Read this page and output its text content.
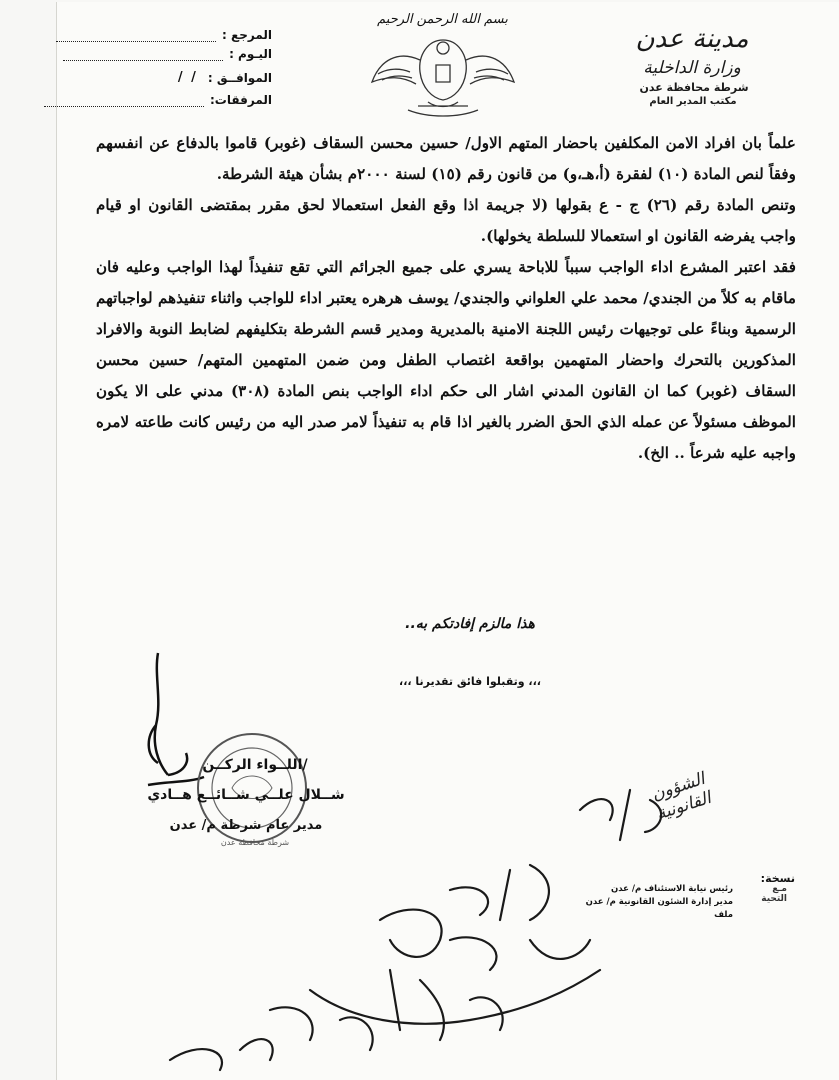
مدينة عدن
وزارة الداخلية
شرطة محافظة عدن
مكتب المدير العام
المرجع :
اليـوم :
الموافــق :
/ /
المرفقات:
بسم الله الرحمن الرحيم

علماً بان افراد الامن المكلفين باحضار المتهم الاول/ حسين محسن السقاف (غوبر) قاموا بالدفاع عن انفسهم وفقاً لنص المادة (١٠) لفقرة (أ،هـ،و) من قانون رقم (١٥) لسنة ٢٠٠٠م بشأن هيئة الشرطة.

وتنص المادة رقم (٢٦) ج - ع بقولها (لا جريمة اذا وقع الفعل استعمالا لحق مقرر بمقتضى القانون او قيام واجب يفرضه القانون او استعمالا للسلطة يخولها).

فقد اعتبر المشرع اداء الواجب سبباً للاباحة يسري على جميع الجرائم التي تقع تنفيذاً لهذا الواجب وعليه فان ماقام به كلاً من الجندي/ محمد علي العلواني والجندي/ يوسف هرهره يعتبر اداء للواجب واثناء تنفيذهم لواجباتهم الرسمية وبناءً على توجيهات رئيس اللجنة الامنية بالمديرية ومدير قسم الشرطة بتكليفهم لضابط النوبة والافراد المذكورين بالتحرك واحضار المتهمين بواقعة اغتصاب الطفل ومن ضمن المتهمين المتهم/ حسين محسن السقاف (غوبر) كما ان القانون المدني اشار الى حكم اداء الواجب بنص المادة (٣٠٨) مدني على الا يكون الموظف مسئولاً عن عمله الذي الحق الضرر بالغير اذا قام به تنفيذاً لامر صدر اليه من رئيس كانت طاعته لامره واجبه عليه شرعاً .. الخ).

هذا مالزم إفادتكم به..
،،، وتقبلوا فائق تقديرنا ،،،
شرطة محافظة عدن
/اللــواء الركــن
شــلال علــي شــائــع هــادي
مدير عام شرطة م/ عدن
نسخة:
رئيس نيابة الاستئناف م/ عدن
مدير إدارة الشئون القانونية م/ عدن
ملف
مـع التحية
الشؤون القانونية
